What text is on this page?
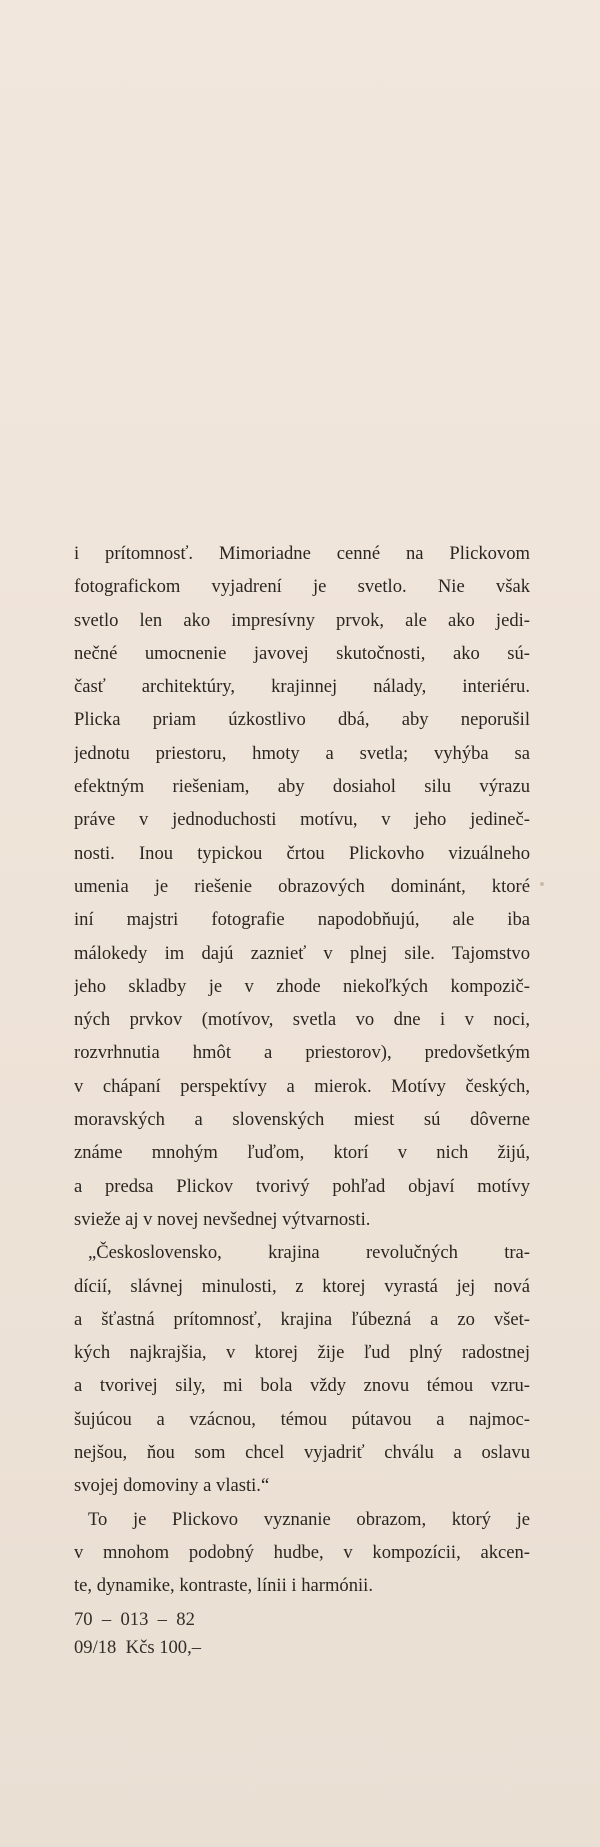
i prítomnosť. Mimoriadne cenné na Plickovom
fotografickom vyjadrení je svetlo. Nie však
svetlo len ako impresívny prvok, ale ako jedi-
nečné umocnenie javovej skutočnosti, ako sú-
časť architektúry, krajinnej nálady, interiéru.
Plicka priam úzkostlivo dbá, aby neporušil
jednotu priestoru, hmoty a svetla; vyhýba sa
efektným riešeniam, aby dosiahol silu výrazu
práve v jednoduchosti motívu, v jeho jedineč-
nosti. Inou typickou črtou Plickovho vizuálneho
umenia je riešenie obrazových dominánt, ktoré
iní majstri fotografie napodobňujú, ale iba
málokedy im dajú zaznieť v plnej sile. Tajomstvo
jeho skladby je v zhode niekoľkých kompozič-
ných prvkov (motívov, svetla vo dne i v noci,
rozvrhnutia hmôt a priestorov), predovšetkým
v chápaní perspektívy a mierok. Motívy českých,
moravských a slovenských miest sú dôverne
známe mnohým ľuďom, ktorí v nich žijú,
a predsa Plickov tvorivý pohľad objaví motívy
svieže aj v novej nevšednej výtvarnosti.
„Československo, krajina revolučných tra-
dícií, slávnej minulosti, z ktorej vyrastá jej nová
a šťastná prítomnosť, krajina ľúbezná a zo všet-
kých najkrajšia, v ktorej žije ľud plný radostnej
a tvorivej sily, mi bola vždy znovu témou vzru-
šujúcou a vzácnou, témou pútavou a najmoc-
nejšou, ňou som chcel vyjadriť chválu a oslavu
svojej domoviny a vlasti.“
To je Plickovo vyznanie obrazom, ktorý je
v mnohom podobný hudbe, v kompozícii, akcen-
te, dynamike, kontraste, línii i harmónii.
70  –  013  –  82
09/18  Kčs 100,–
